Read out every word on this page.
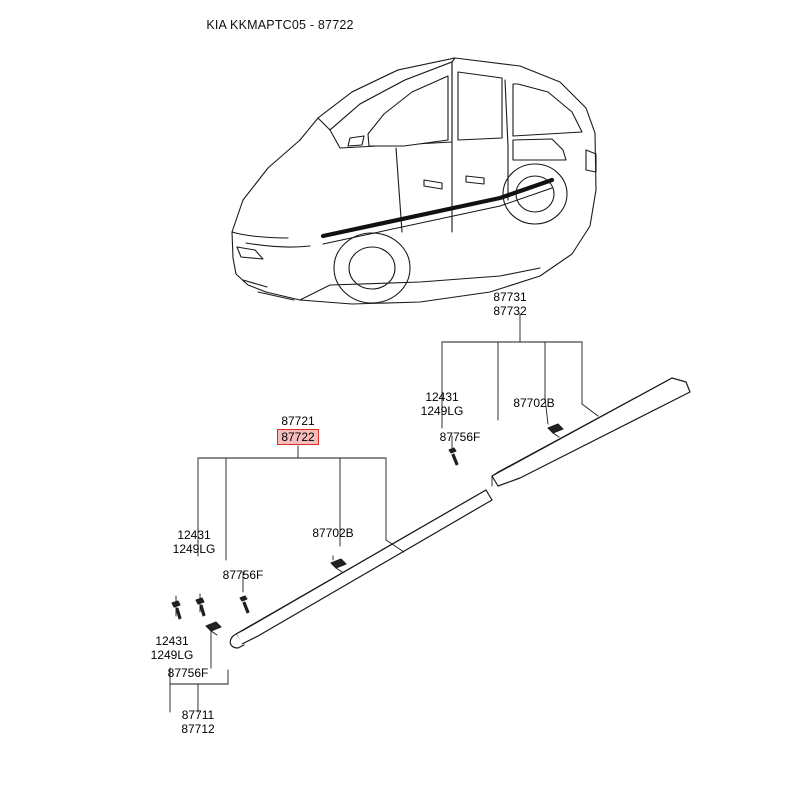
KIA KKMAPTC05 - 87722
87731
87732
12431
1249LG
87702B
87756F
87721
87722
12431
1249LG
87702B
87756F
12431
1249LG
87756F
87711
87712
